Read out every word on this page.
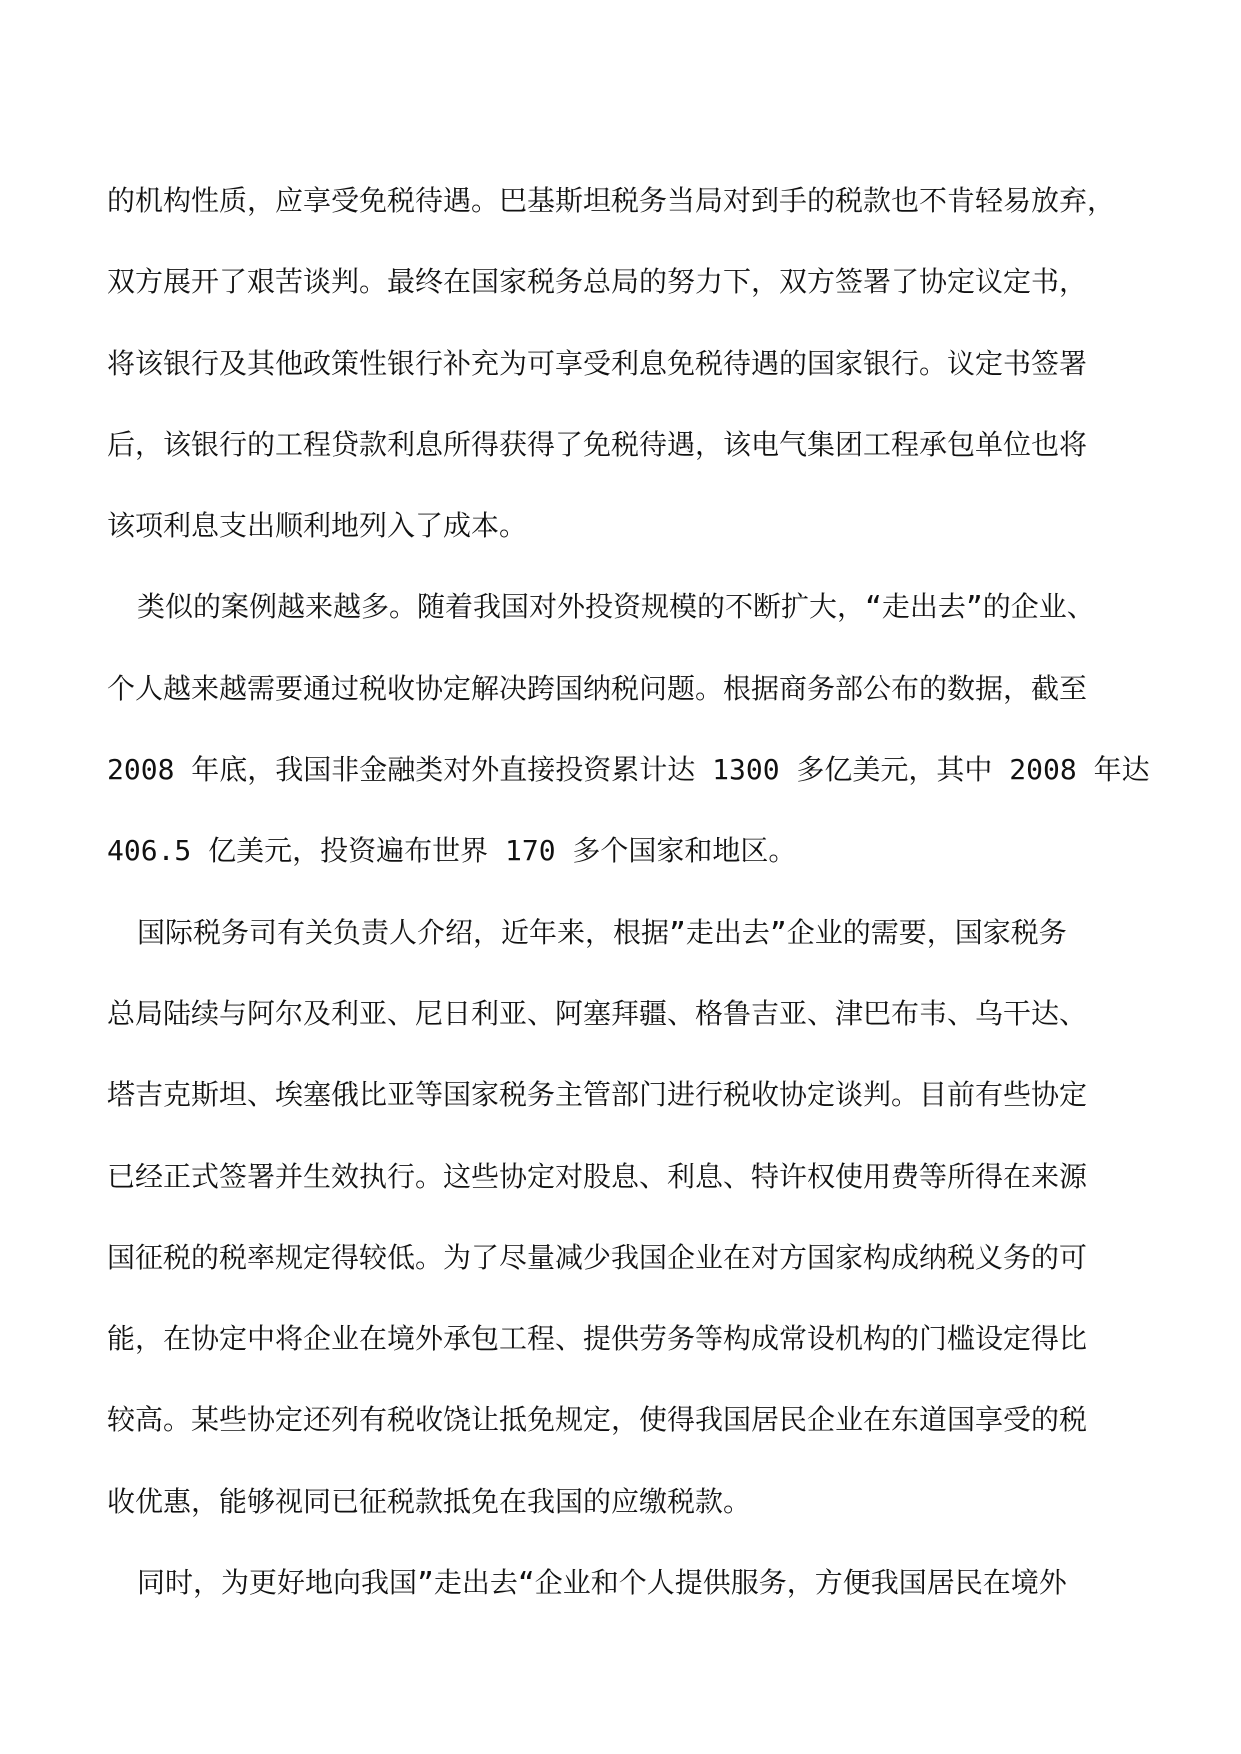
的机构性质，应享受免税待遇。巴基斯坦税务当局对到手的税款也不肯轻易放弃，
双方展开了艰苦谈判。最终在国家税务总局的努力下，双方签署了协定议定书，
将该银行及其他政策性银行补充为可享受利息免税待遇的国家银行。议定书签署
后，该银行的工程贷款利息所得获得了免税待遇，该电气集团工程承包单位也将
该项利息支出顺利地列入了成本。
类似的案例越来越多。随着我国对外投资规模的不断扩大，“走出去”的企业、
个人越来越需要通过税收协定解决跨国纳税问题。根据商务部公布的数据，截至
2008 年底，我国非金融类对外直接投资累计达 1300 多亿美元，其中 2008 年达
406.5 亿美元，投资遍布世界 170 多个国家和地区。
国际税务司有关负责人介绍，近年来，根据”走出去”企业的需要，国家税务
总局陆续与阿尔及利亚、尼日利亚、阿塞拜疆、格鲁吉亚、津巴布韦、乌干达、
塔吉克斯坦、埃塞俄比亚等国家税务主管部门进行税收协定谈判。目前有些协定
已经正式签署并生效执行。这些协定对股息、利息、特许权使用费等所得在来源
国征税的税率规定得较低。为了尽量减少我国企业在对方国家构成纳税义务的可
能，在协定中将企业在境外承包工程、提供劳务等构成常设机构的门槛设定得比
较高。某些协定还列有税收饶让抵免规定，使得我国居民企业在东道国享受的税
收优惠，能够视同已征税款抵免在我国的应缴税款。
同时，为更好地向我国”走出去“企业和个人提供服务，方便我国居民在境外
